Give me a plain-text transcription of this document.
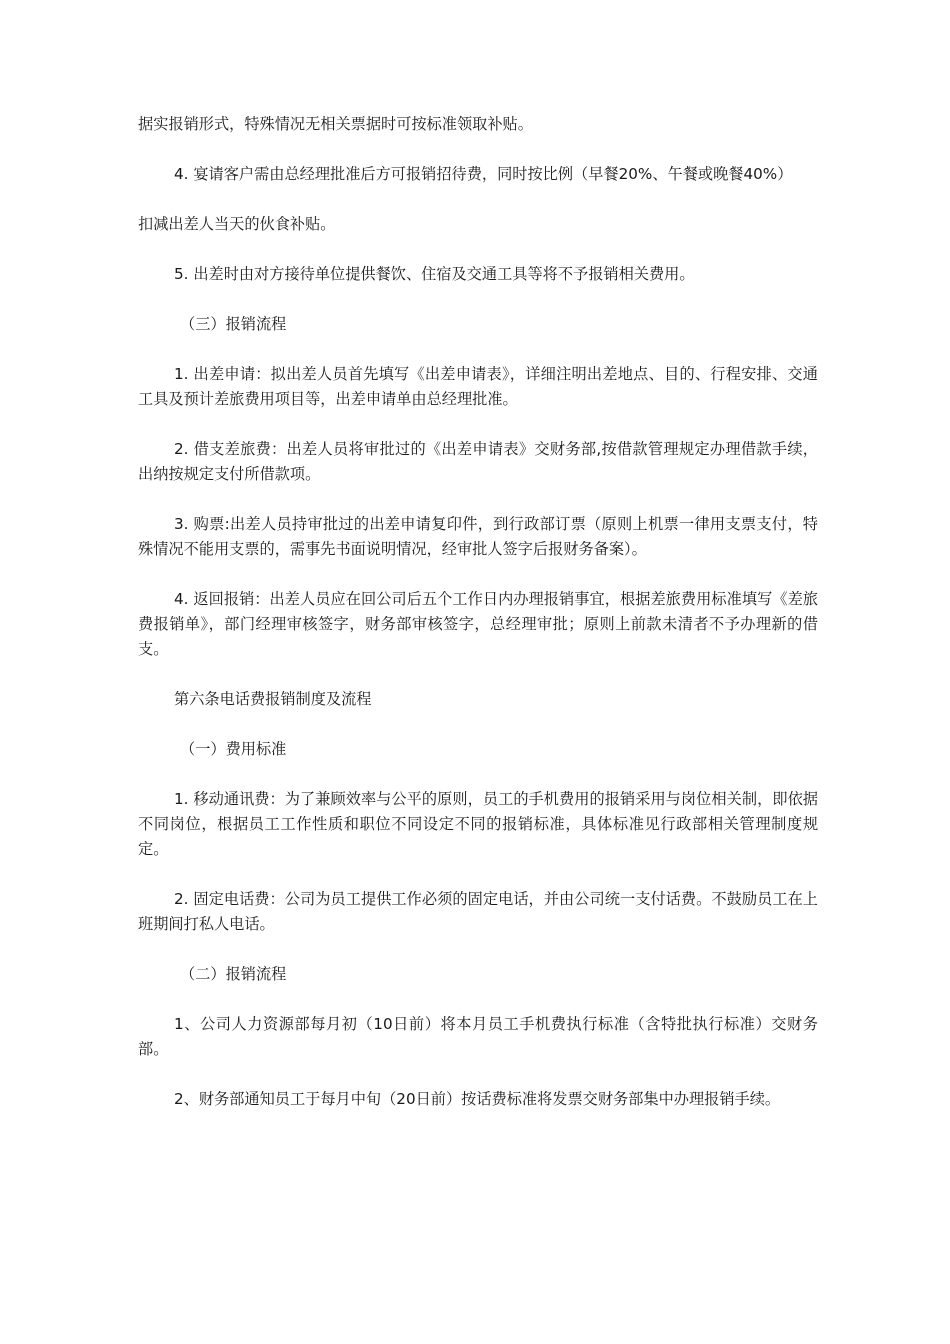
据实报销形式，特殊情况无相关票据时可按标准领取补贴。

4. 宴请客户需由总经理批准后方可报销招待费，同时按比例（早餐20%、午餐或晚餐40%）

扣减出差人当天的伙食补贴。

5. 出差时由对方接待单位提供餐饮、住宿及交通工具等将不予报销相关费用。

（三）报销流程

1. 出差申请：拟出差人员首先填写《出差申请表》，详细注明出差地点、目的、行程安排、交通工具及预计差旅费用项目等，出差申请单由总经理批准。

2. 借支差旅费：出差人员将审批过的《出差申请表》交财务部,按借款管理规定办理借款手续，出纳按规定支付所借款项。

3. 购票:出差人员持审批过的出差申请复印件，到行政部订票（原则上机票一律用支票支付，特殊情况不能用支票的，需事先书面说明情况，经审批人签字后报财务备案）。

4. 返回报销：出差人员应在回公司后五个工作日内办理报销事宜，根据差旅费用标准填写《差旅费报销单》，部门经理审核签字，财务部审核签字，总经理审批；原则上前款未清者不予办理新的借支。

第六条电话费报销制度及流程

（一）费用标准

1. 移动通讯费：为了兼顾效率与公平的原则，员工的手机费用的报销采用与岗位相关制，即依据不同岗位，根据员工工作性质和职位不同设定不同的报销标准，具体标准见行政部相关管理制度规定。

2. 固定电话费：公司为员工提供工作必须的固定电话，并由公司统一支付话费。不鼓励员工在上班期间打私人电话。

（二）报销流程

1、公司人力资源部每月初（10日前）将本月员工手机费执行标准（含特批执行标准）交财务部。

2、财务部通知员工于每月中旬（20日前）按话费标准将发票交财务部集中办理报销手续。
